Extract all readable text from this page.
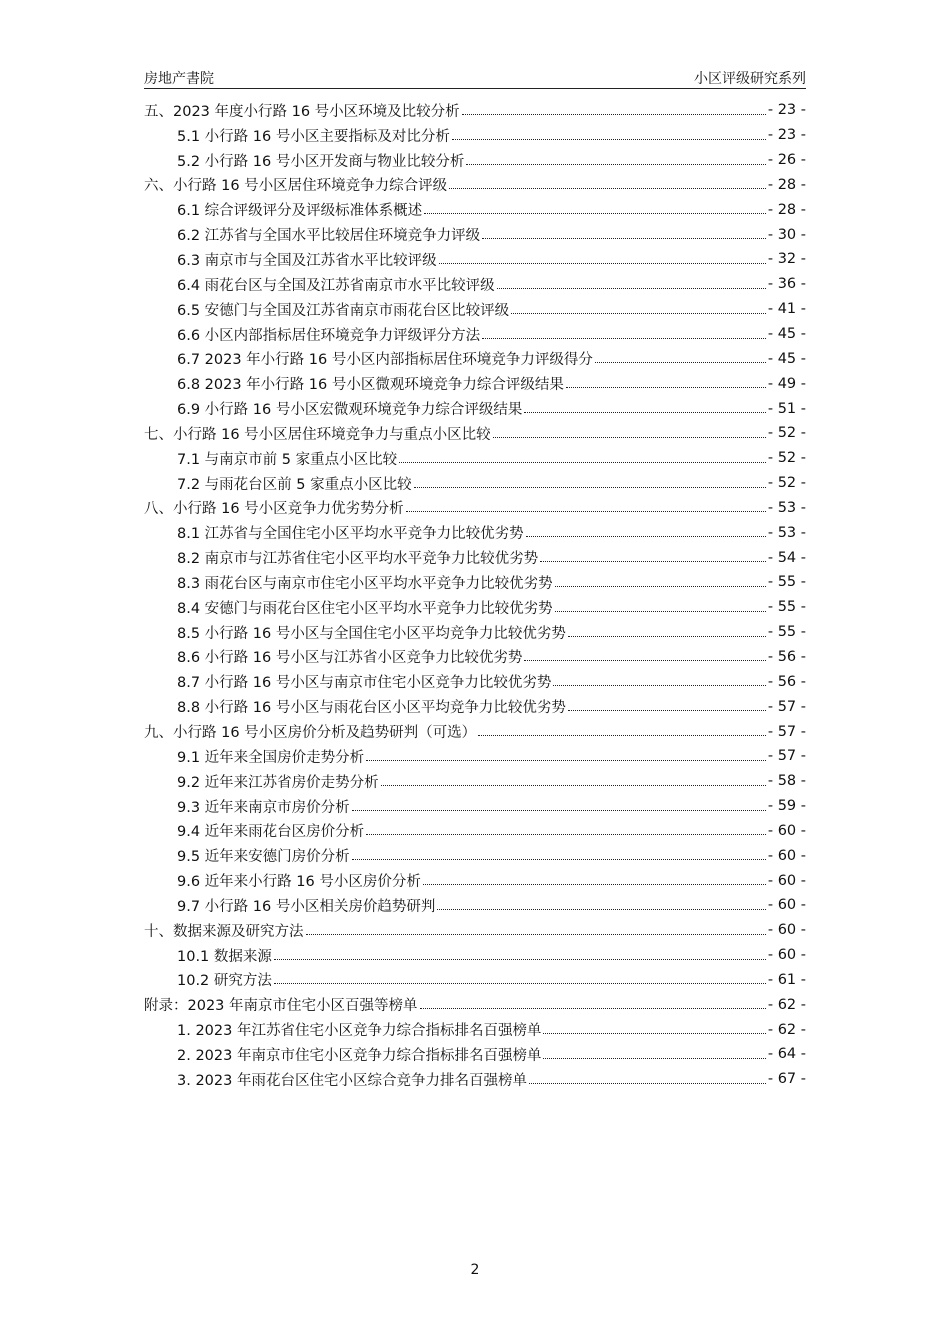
房地产書院	小区评级研究系列
五、2023 年度小行路 16 号小区环境及比较分析	- 23 -
5.1 小行路 16 号小区主要指标及对比分析	- 23 -
5.2 小行路 16 号小区开发商与物业比较分析	- 26 -
六、小行路 16 号小区居住环境竞争力综合评级	- 28 -
6.1 综合评级评分及评级标准体系概述	- 28 -
6.2 江苏省与全国水平比较居住环境竞争力评级	- 30 -
6.3 南京市与全国及江苏省水平比较评级	- 32 -
6.4 雨花台区与全国及江苏省南京市水平比较评级	- 36 -
6.5 安德门与全国及江苏省南京市雨花台区比较评级	- 41 -
6.6 小区内部指标居住环境竞争力评级评分方法	- 45 -
6.7 2023 年小行路 16 号小区内部指标居住环境竞争力评级得分	- 45 -
6.8 2023 年小行路 16 号小区微观环境竞争力综合评级结果	- 49 -
6.9 小行路 16 号小区宏微观环境竞争力综合评级结果	- 51 -
七、小行路 16 号小区居住环境竞争力与重点小区比较	- 52 -
7.1 与南京市前 5 家重点小区比较	- 52 -
7.2 与雨花台区前 5 家重点小区比较	- 52 -
八、小行路 16 号小区竞争力优劣势分析	- 53 -
8.1 江苏省与全国住宅小区平均水平竞争力比较优劣势	- 53 -
8.2 南京市与江苏省住宅小区平均水平竞争力比较优劣势	- 54 -
8.3 雨花台区与南京市住宅小区平均水平竞争力比较优劣势	- 55 -
8.4 安德门与雨花台区住宅小区平均水平竞争力比较优劣势	- 55 -
8.5 小行路 16 号小区与全国住宅小区平均竞争力比较优劣势	- 55 -
8.6 小行路 16 号小区与江苏省小区竞争力比较优劣势	- 56 -
8.7 小行路 16 号小区与南京市住宅小区竞争力比较优劣势	- 56 -
8.8 小行路 16 号小区与雨花台区小区平均竞争力比较优劣势	- 57 -
九、小行路 16 号小区房价分析及趋势研判（可选）	- 57 -
9.1 近年来全国房价走势分析	- 57 -
9.2 近年来江苏省房价走势分析	- 58 -
9.3 近年来南京市房价分析	- 59 -
9.4 近年来雨花台区房价分析	- 60 -
9.5 近年来安德门房价分析	- 60 -
9.6 近年来小行路 16 号小区房价分析	- 60 -
9.7 小行路 16 号小区相关房价趋势研判	- 60 -
十、数据来源及研究方法	- 60 -
10.1 数据来源	- 60 -
10.2 研究方法	- 61 -
附录：2023 年南京市住宅小区百强等榜单	- 62 -
1. 2023 年江苏省住宅小区竞争力综合指标排名百强榜单	- 62 -
2. 2023 年南京市住宅小区竞争力综合指标排名百强榜单	- 64 -
3. 2023 年雨花台区住宅小区综合竞争力排名百强榜单	- 67 -
2
